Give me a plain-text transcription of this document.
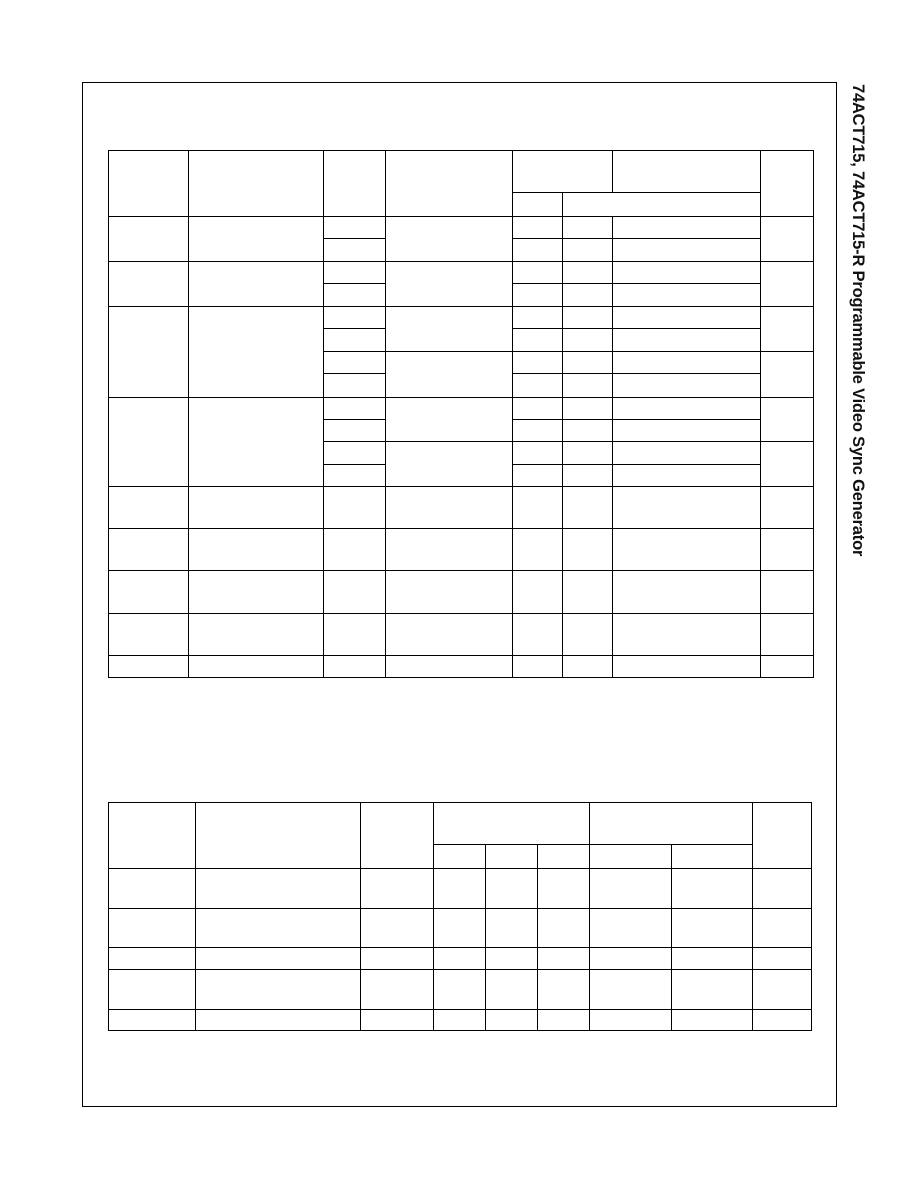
74ACT715, 74ACT715-R Programmable Video Sync Generator
